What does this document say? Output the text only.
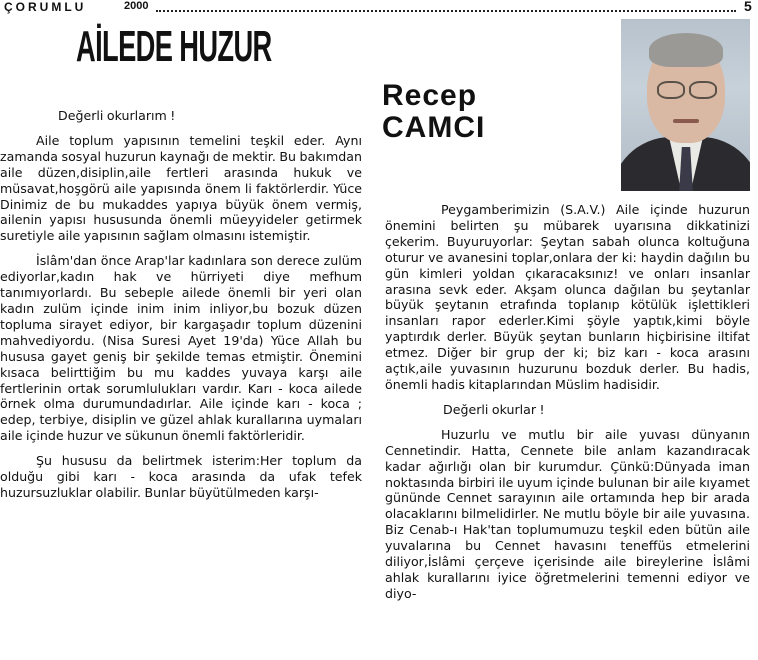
ÇORUMLU	2000	5
AİLEDE HUZUR
Recep
CAMCI

Değerli okurlarım !

Aile toplum yapısının temelini teşkil eder. Aynı zamanda sosyal huzurun kaynağı de mektir. Bu bakımdan aile düzen,disiplin,aile fertleri arasında hukuk ve müsavat,hoşgörü aile yapısında önem li faktörlerdir. Yüce Dinimiz de bu mukaddes yapıya büyük önem vermiş, ailenin yapısı hususunda önemli müeyyideler getirmek suretiyle aile yapısının sağlam olmasını istemiştir.

İslâm'dan önce Arap'lar kadınlara son derece zulüm ediyorlar,kadın hak ve hürriyeti diye mefhum tanımıyorlardı. Bu sebeple ailede önemli bir yeri olan kadın zulüm içinde inim inim inliyor,bu bozuk düzen topluma sirayet ediyor, bir kargaşadır toplum düzenini mahvediyordu. (Nisa Suresi Ayet 19'da) Yüce Allah bu hususa gayet geniş bir şekilde temas etmiştir. Önemini kısaca belirttiğim bu mu kaddes yuvaya karşı aile fertlerinin ortak sorumlulukları vardır. Karı - koca ailede örnek olma durumundadırlar. Aile içinde karı - koca ; edep, terbiye, disiplin ve güzel ahlak kurallarına uymaları aile içinde huzur ve sükunun önemli faktörleridir.

Şu hususu da belirtmek isterim:Her toplum da olduğu gibi karı - koca arasında da ufak tefek huzursuzluklar olabilir. Bunlar büyütülmeden karşı-

Peygamberimizin (S.A.V.) Aile içinde huzurun önemini belirten şu mübarek uyarısına dikkatinizi çekerim. Buyuruyorlar: Şeytan sabah oluncа koltuğuna oturur ve avanesini toplar,onlara der ki: haydin dağılın bu gün kimleri yoldan çıkaracaksınız! ve onları insanlar arasına sevk eder. Akşam oluncа dağılan bu şeytanlar büyük şeytanın etrafında toplanıp kötülük işlettikleri insanları rapor ederler.Kimi şöyle yaptık,kimi böyle yaptırdık derler. Büyük şeytan bunların hiçbirisine iltifat etmez. Diğer bir grup der ki; biz karı - koca arasını açtık,aile yuvasının huzurunu bozduk derler. Bu hadis, önemli hadis kitaplarından Müslim hadisidir.

Değerli okurlar !

Huzurlu ve mutlu bir aile yuvası dünyanın Cennetindir. Hatta, Cennete bile anlam kazandıracak kadar ağırlığı olan bir kurumdur. Çünkü:Dünyada iman noktasında birbiri ile uyum içinde bulunan bir aile kıyamet gününde Cennet sarayının aile ortamında hep bir arada olacaklarını bilmelidirler. Ne mutlu böyle bir aile yuvasına. Biz Cenab-ı Hak'tan toplumumuzu teşkil eden bütün aile yuvalarına bu Cennet havasını teneffüs etmelerini diliyor,İslâmi çerçeve içerisinde aile bireylerine İslâmi ahlak kurallarını iyice öğretmelerini temenni ediyor ve diyo-
